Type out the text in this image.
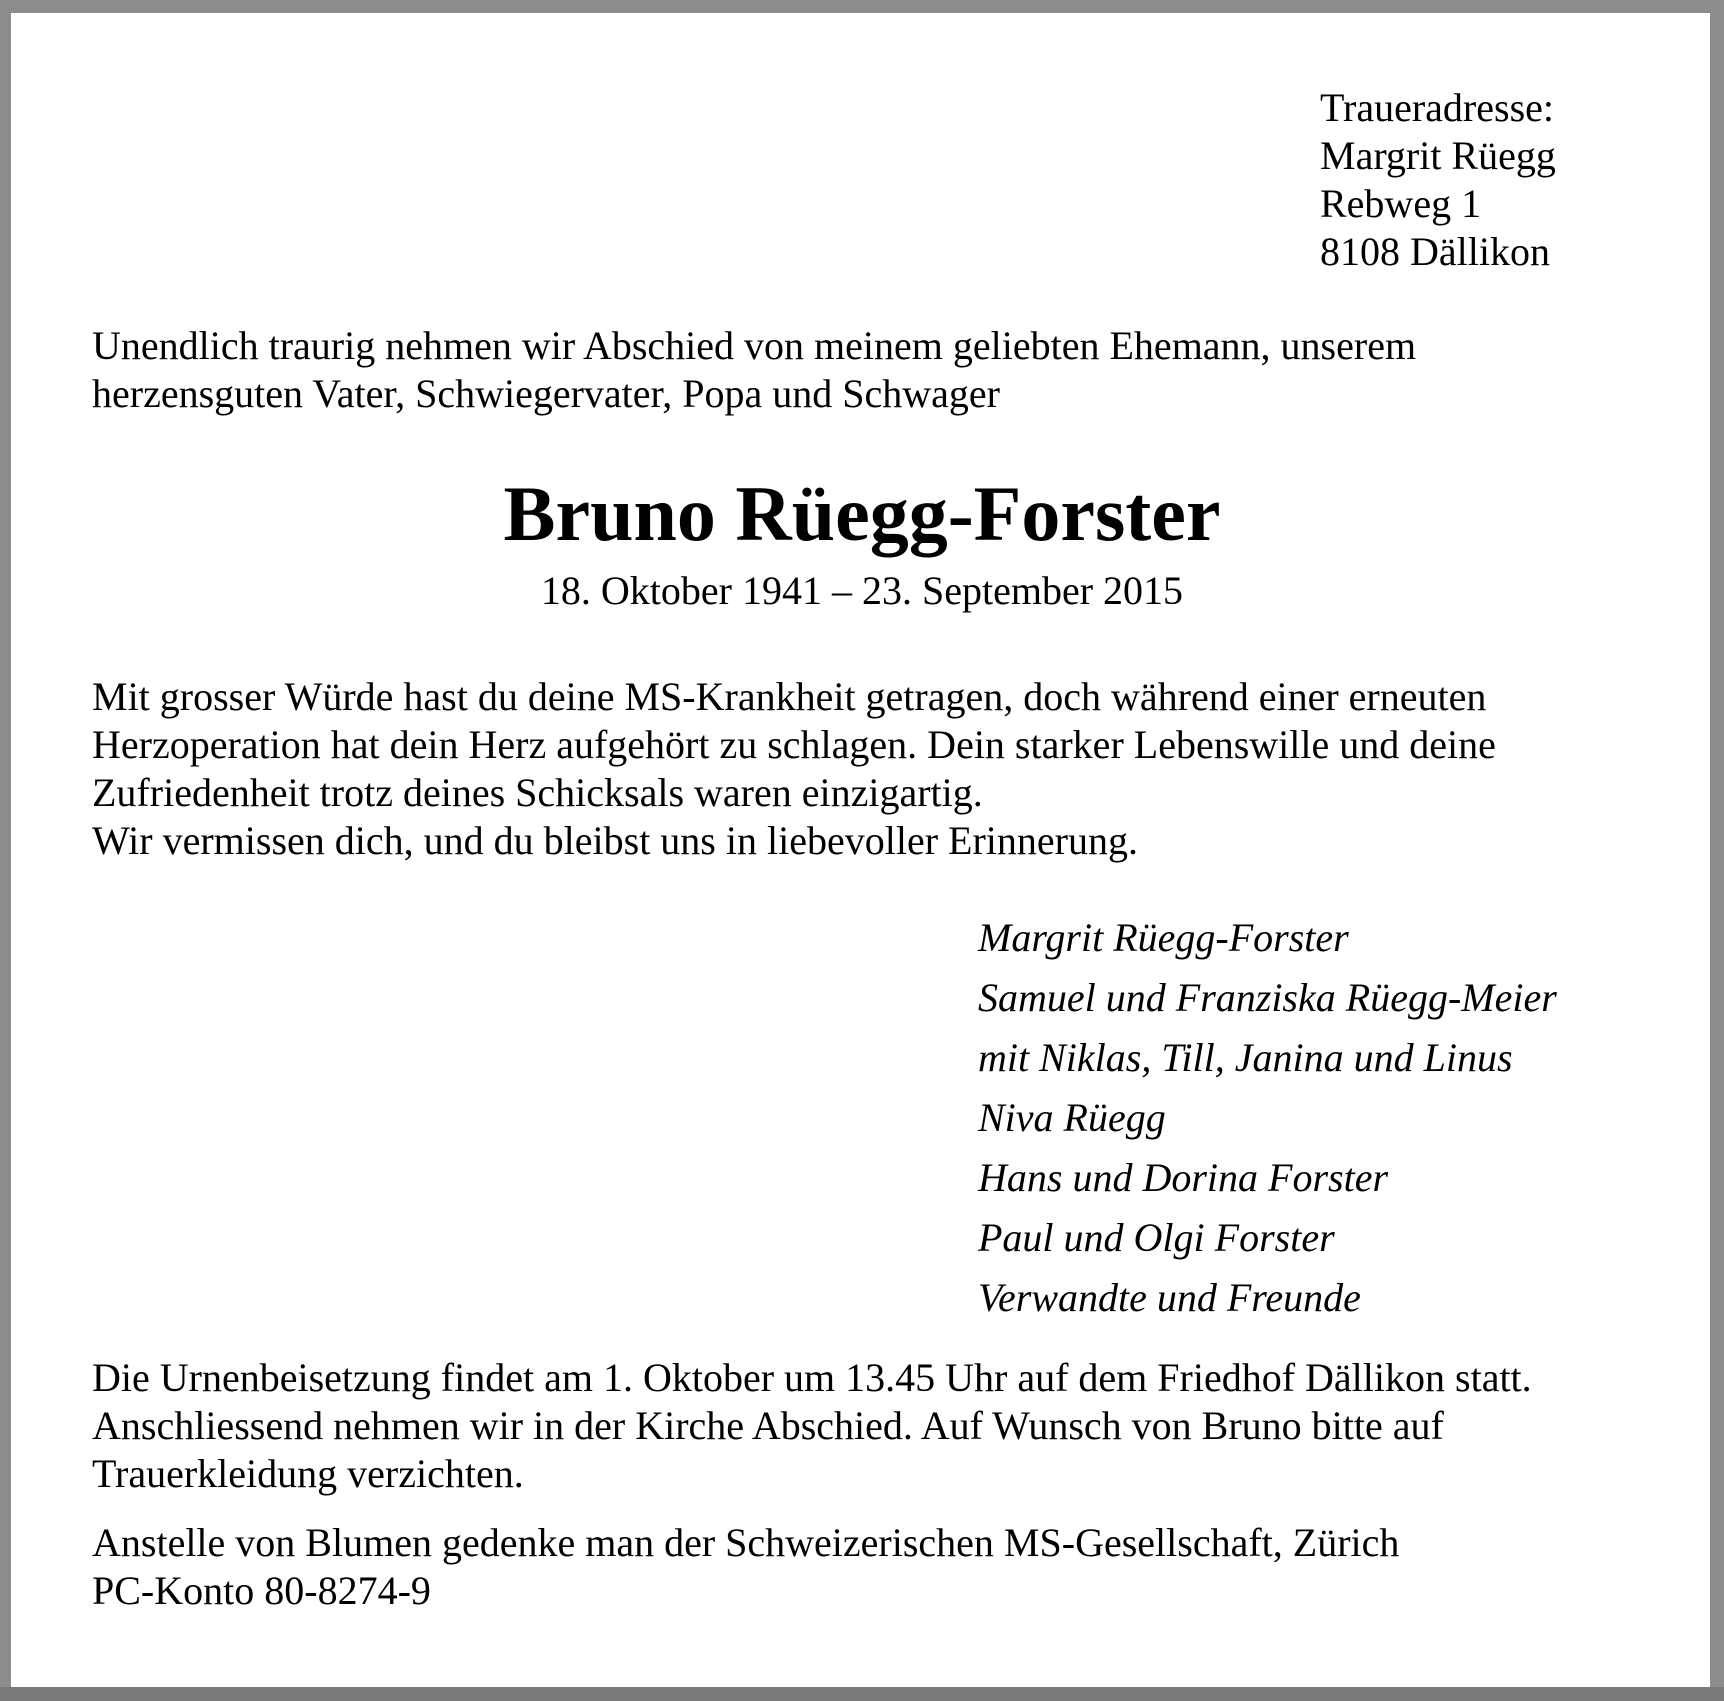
Traueradresse:
Margrit Rüegg
Rebweg 1
8108 Dällikon
Unendlich traurig nehmen wir Abschied von meinem geliebten Ehemann, unserem
herzensguten Vater, Schwiegervater, Popa und Schwager
Bruno Rüegg-Forster
18. Oktober 1941 – 23. September 2015
Mit grosser Würde hast du deine MS-Krankheit getragen, doch während einer erneuten
Herzoperation hat dein Herz aufgehört zu schlagen. Dein starker Lebenswille und deine
Zufriedenheit trotz deines Schicksals waren einzigartig.
Wir vermissen dich, und du bleibst uns in liebevoller Erinnerung.
Margrit Rüegg-Forster
Samuel und Franziska Rüegg-Meier
mit Niklas, Till, Janina und Linus
Niva Rüegg
Hans und Dorina Forster
Paul und Olgi Forster
Verwandte und Freunde
Die Urnenbeisetzung findet am 1. Oktober um 13.45 Uhr auf dem Friedhof Dällikon statt.
Anschliessend nehmen wir in der Kirche Abschied. Auf Wunsch von Bruno bitte auf
Trauerkleidung verzichten.
Anstelle von Blumen gedenke man der Schweizerischen MS-Gesellschaft, Zürich
PC-Konto 80-8274-9
